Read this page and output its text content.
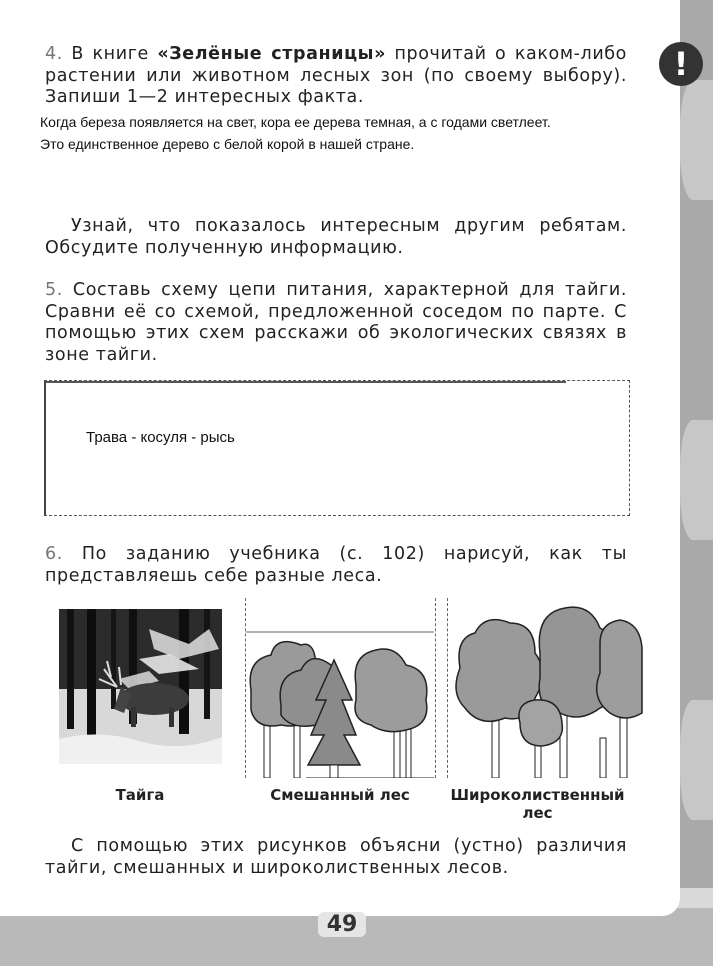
!
4. В книге «Зелёные страницы» прочитай о каком-либо растении или животном лесных зон (по своему выбору). Запиши 1—2 интересных факта.
Когда береза появляется на свет, кора ее дерева темная, а с годами светлеет.
Это единственное дерево с белой корой в нашей стране.
Узнай, что показалось интересным другим ребятам. Обсудите полученную информацию.
5. Составь схему цепи питания, характерной для тайги. Сравни её со схемой, предложенной соседом по парте. С помощью этих схем расскажи об экологических связях в зоне тайги.
Трава - косуля - рысь
6. По заданию учебника (с. 102) нарисуй, как ты представляешь себе разные леса.
Тайга	Смешанный лес	Широколиственный
лес
С помощью этих рисунков объясни (устно) различия тайги, смешанных и широколиственных лесов.
49
